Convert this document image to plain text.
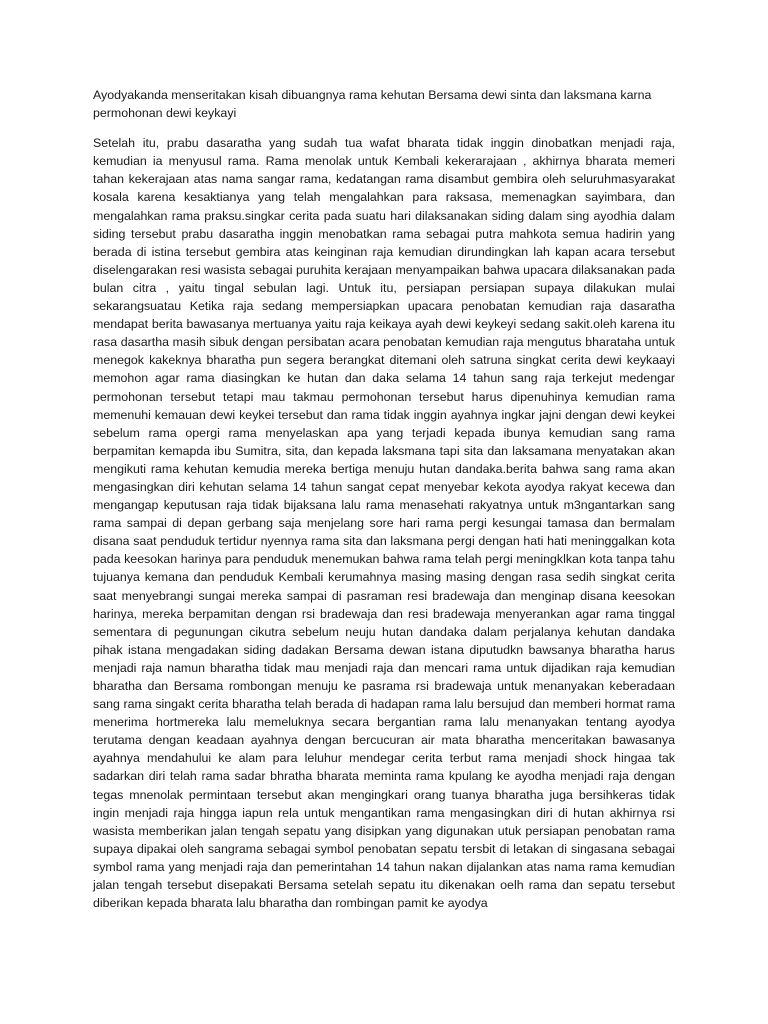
Ayodyakanda menseritakan kisah dibuangnya rama kehutan Bersama dewi sinta dan laksmana karna permohonan dewi keykayi

Setelah itu, prabu dasaratha yang sudah tua wafat bharata tidak inggin dinobatkan menjadi raja, kemudian ia menyusul rama. Rama menolak untuk Kembali kekerarajaan , akhirnya bharata memeri tahan kekerajaan atas nama sangar rama, kedatangan rama disambut gembira oleh seluruhmasyarakat kosala karena kesaktianya yang telah mengalahkan para raksasa, memenagkan sayimbara, dan mengalahkan rama praksu.singkar cerita pada suatu hari dilaksanakan siding dalam sing ayodhia dalam siding tersebut prabu dasaratha inggin menobatkan rama sebagai putra mahkota semua hadirin yang berada di istina tersebut gembira atas keinginan raja kemudian dirundingkan lah kapan acara tersebut diselengarakan resi wasista sebagai puruhita kerajaan menyampaikan bahwa upacara dilaksanakan pada bulan citra , yaitu tingal sebulan lagi. Untuk itu, persiapan persiapan supaya dilakukan mulai sekarangsuatau Ketika raja sedang mempersiapkan upacara penobatan kemudian raja dasaratha mendapat berita bawasanya mertuanya yaitu raja keikaya ayah dewi keykeyi sedang sakit.oleh karena itu rasa dasartha masih sibuk dengan persibatan acara penobatan kemudian raja mengutus bharataha untuk menegok kakeknya bharatha pun segera berangkat ditemani oleh satruna singkat cerita dewi keykaayi memohon agar rama diasingkan ke hutan dan daka selama 14 tahun sang raja terkejut medengar permohonan tersebut tetapi mau takmau permohonan tersebut harus dipenuhinya kemudian rama memenuhi kemauan dewi keykei tersebut dan rama tidak inggin ayahnya ingkar jajni dengan dewi keykei sebelum rama opergi rama menyelaskan apa yang terjadi kepada ibunya kemudian sang rama berpamitan kemapda ibu Sumitra, sita, dan kepada laksmana tapi sita dan laksamana menyatakan akan mengikuti rama kehutan kemudia mereka bertiga menuju hutan dandaka.berita bahwa sang rama akan mengasingkan diri kehutan selama 14 tahun sangat cepat menyebar kekota ayodya rakyat kecewa dan mengangap keputusan raja tidak bijaksana lalu rama menasehati rakyatnya untuk m3ngantarkan sang rama sampai di depan gerbang saja menjelang sore hari rama pergi kesungai tamasa dan bermalam disana saat penduduk tertidur nyennya rama sita dan laksmana pergi dengan hati hati meninggalkan kota pada keesokan harinya para penduduk menemukan bahwa rama telah pergi meningklkan kota tanpa tahu tujuanya kemana dan penduduk Kembali kerumahnya masing masing dengan rasa sedih singkat cerita saat menyebrangi sungai mereka sampai di pasraman resi bradewaja dan menginap disana keesokan harinya, mereka berpamitan dengan rsi bradewaja dan resi bradewaja menyerankan agar rama tinggal sementara di pegunungan cikutra sebelum neuju hutan dandaka dalam perjalanya kehutan dandaka pihak istana mengadakan siding dadakan Bersama dewan istana diputudkn bawsanya bharatha harus menjadi raja namun bharatha tidak mau menjadi raja dan mencari rama untuk dijadikan raja kemudian bharatha dan Bersama rombongan menuju ke pasrama rsi bradewaja untuk menanyakan keberadaan sang rama singakt cerita bharatha telah berada di hadapan rama lalu bersujud dan memberi hormat rama menerima hortmereka lalu memeluknya secara bergantian rama lalu menanyakan tentang ayodya terutama dengan keadaan ayahnya dengan bercucuran air mata bharatha menceritakan bawasanya ayahnya mendahului ke alam para leluhur mendegar cerita terbut rama menjadi shock hingaa tak sadarkan diri telah rama sadar bhratha bharata meminta rama kpulang ke ayodha menjadi raja dengan tegas mnenolak permintaan tersebut akan mengingkari orang tuanya bharatha juga bersihkeras tidak ingin menjadi raja hingga iapun rela untuk mengantikan rama mengasingkan diri di hutan akhirnya rsi wasista memberikan jalan tengah sepatu yang disipkan yang digunakan utuk persiapan penobatan rama supaya dipakai oleh sangrama sebagai symbol penobatan sepatu tersbit di letakan di singasana sebagai symbol rama yang menjadi raja dan pemerintahan 14 tahun nakan dijalankan atas nama rama kemudian jalan tengah tersebut disepakati Bersama setelah sepatu itu dikenakan oelh rama dan sepatu tersebut diberikan kepada bharata lalu bharatha dan rombingan pamit ke ayodya
